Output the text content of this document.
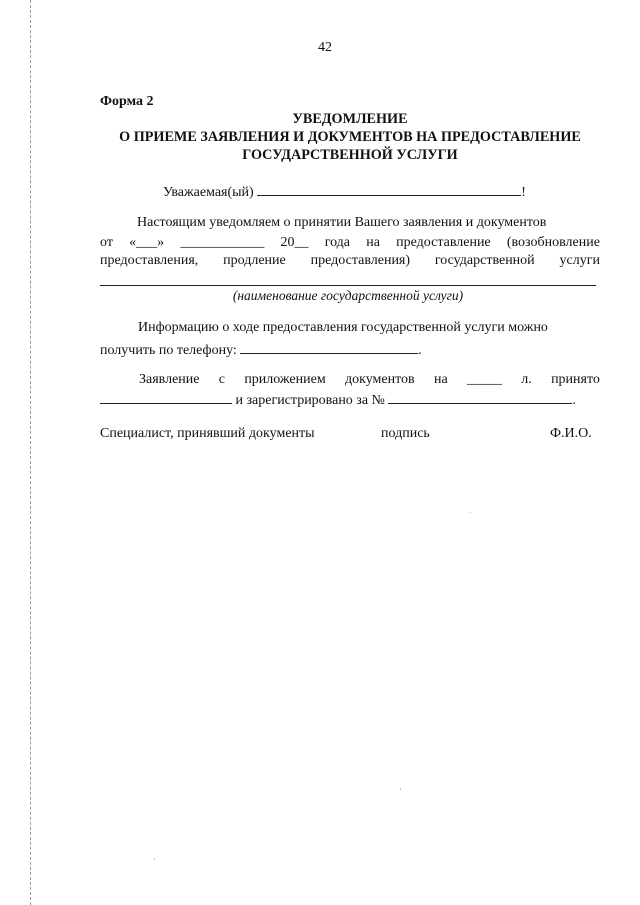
42
Форма 2
УВЕДОМЛЕНИЕ
О ПРИЕМЕ ЗАЯВЛЕНИЯ И ДОКУМЕНТОВ НА ПРЕДОСТАВЛЕНИЕ
ГОСУДАРСТВЕННОЙ УСЛУГИ
Уважаемая(ый)	!
Настоящим уведомляем о принятии Вашего заявления и документов
от «___» ____________ 20__ года на предоставление (возобновление
предоставления, продление предоставления) государственной услуги
(наименование государственной услуги)
Информацию о ходе предоставления государственной услуги можно
получить по телефону:	.
Заявление с приложением документов на _____ л. принято
и зарегистрировано за №	.
Специалист, принявший документы	подпись	Ф.И.О.
